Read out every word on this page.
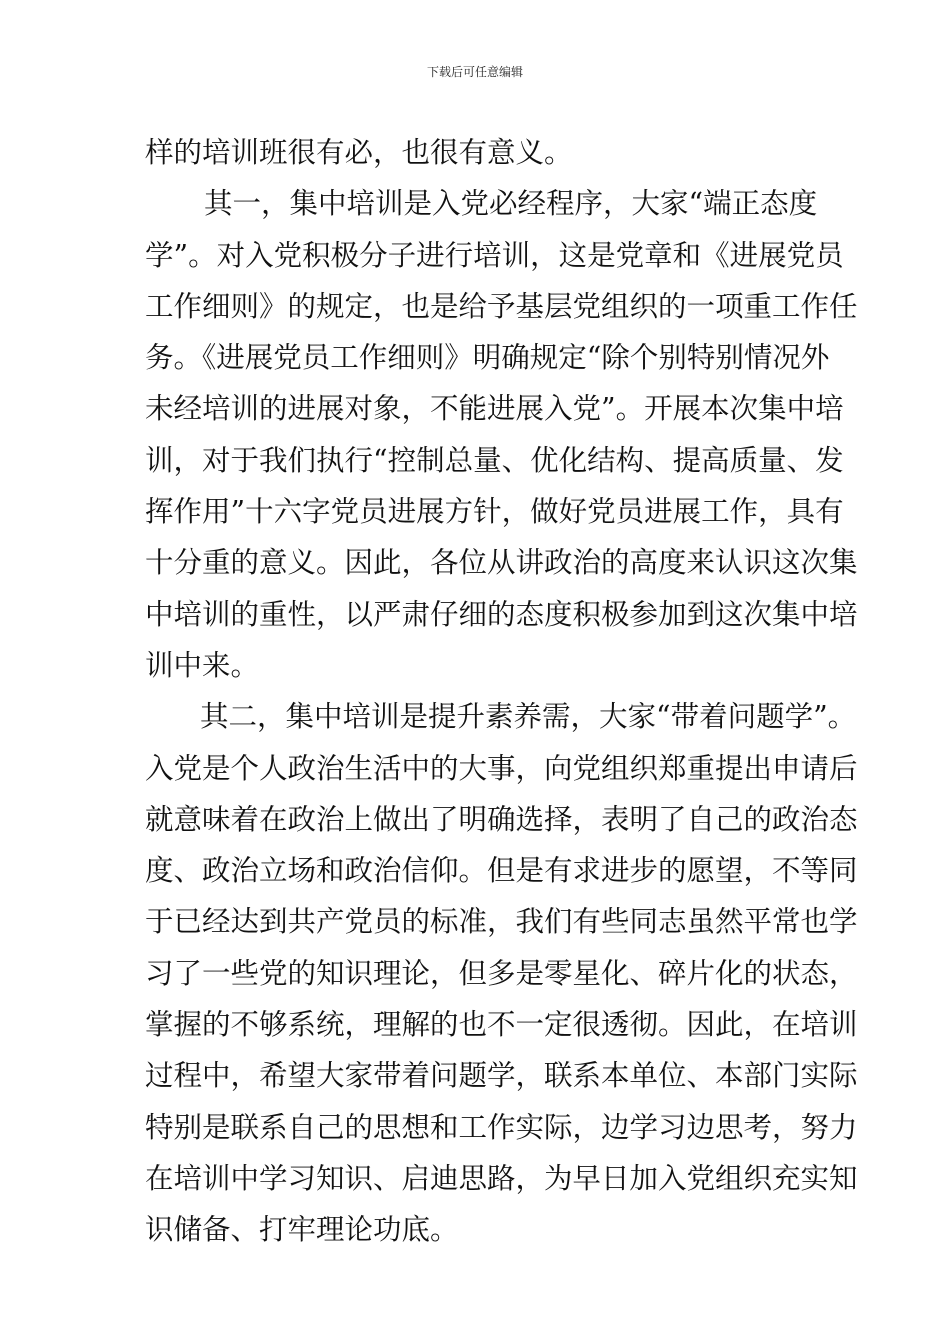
下载后可任意编辑
样的培训班很有必，也很有意义。
其一，集中培训是入党必经程序，大家“端正态度
学”。对入党积极分子进行培训，这是党章和《进展党员
工作细则》的规定，也是给予基层党组织的一项重工作任
务。《进展党员工作细则》明确规定“除个别特别情况外
未经培训的进展对象，不能进展入党”。开展本次集中培
训，对于我们执行“控制总量、优化结构、提高质量、发
挥作用”十六字党员进展方针，做好党员进展工作，具有
十分重的意义。因此，各位从讲政治的高度来认识这次集
中培训的重性，以严肃仔细的态度积极参加到这次集中培
训中来。
其二，集中培训是提升素养需，大家“带着问题学”。
入党是个人政治生活中的大事，向党组织郑重提出申请后
就意味着在政治上做出了明确选择，表明了自己的政治态
度、政治立场和政治信仰。但是有求进步的愿望，不等同
于已经达到共产党员的标准，我们有些同志虽然平常也学
习了一些党的知识理论，但多是零星化、碎片化的状态，
掌握的不够系统，理解的也不一定很透彻。因此，在培训
过程中，希望大家带着问题学，联系本单位、本部门实际
特别是联系自己的思想和工作实际，边学习边思考，努力
在培训中学习知识、启迪思路，为早日加入党组织充实知
识储备、打牢理论功底。
